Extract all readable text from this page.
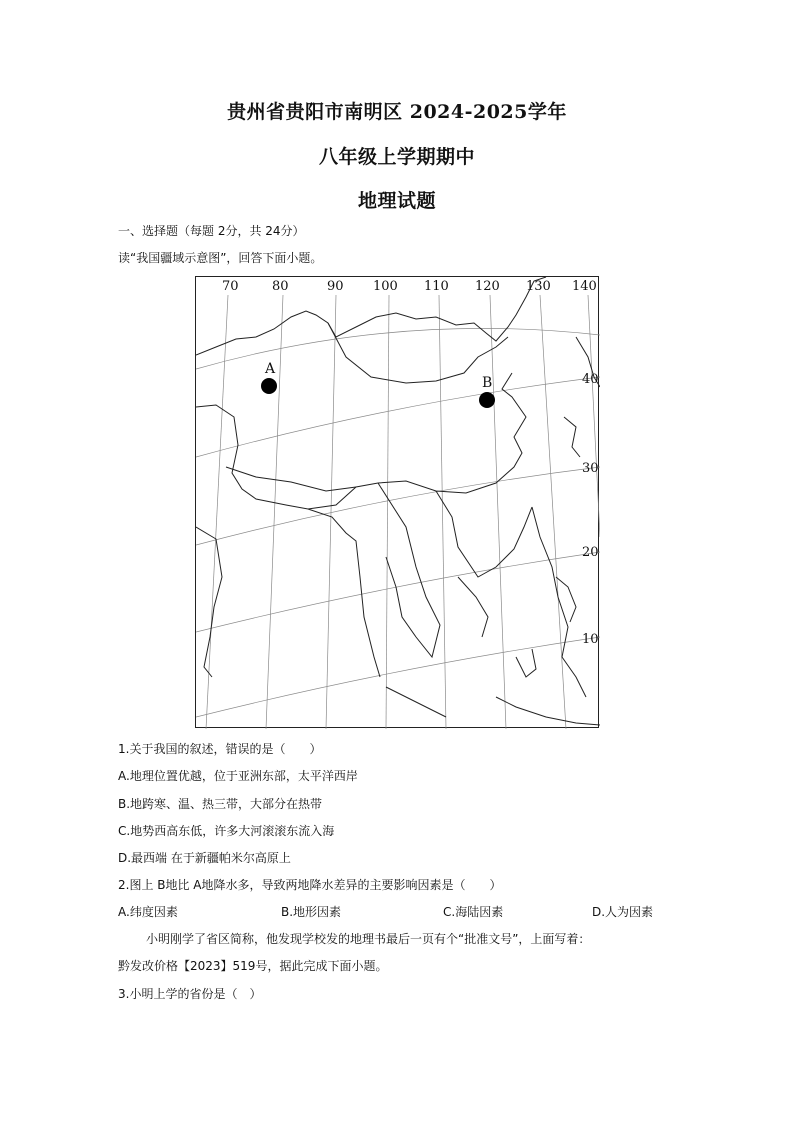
贵州省贵阳市南明区 2024-2025学年
八年级上学期期中
地理试题
一、选择题（每题 2分，共 24分）
读“我国疆域示意图”，回答下面小题。
70	80	90 100 110 120 130 140
40
30
20
10
A
B
1.关于我国的叙述，错误的是（　　）
A.地理位置优越，位于亚洲东部，太平洋西岸
B.地跨寒、温、热三带，大部分在热带
C.地势西高东低，许多大河滚滚东流入海
D.最西端 在于新疆帕米尔高原上
2.图上 B地比 A地降水多，导致两地降水差异的主要影响因素是（　　）
A.纬度因素	B.地形因素	C.海陆因素	D.人为因素
小明刚学了省区简称，他发现学校发的地理书最后一页有个“批准文号”，上面写着：
黔发改价格【2023】519号，据此完成下面小题。
3.小明上学的省份是（　）
